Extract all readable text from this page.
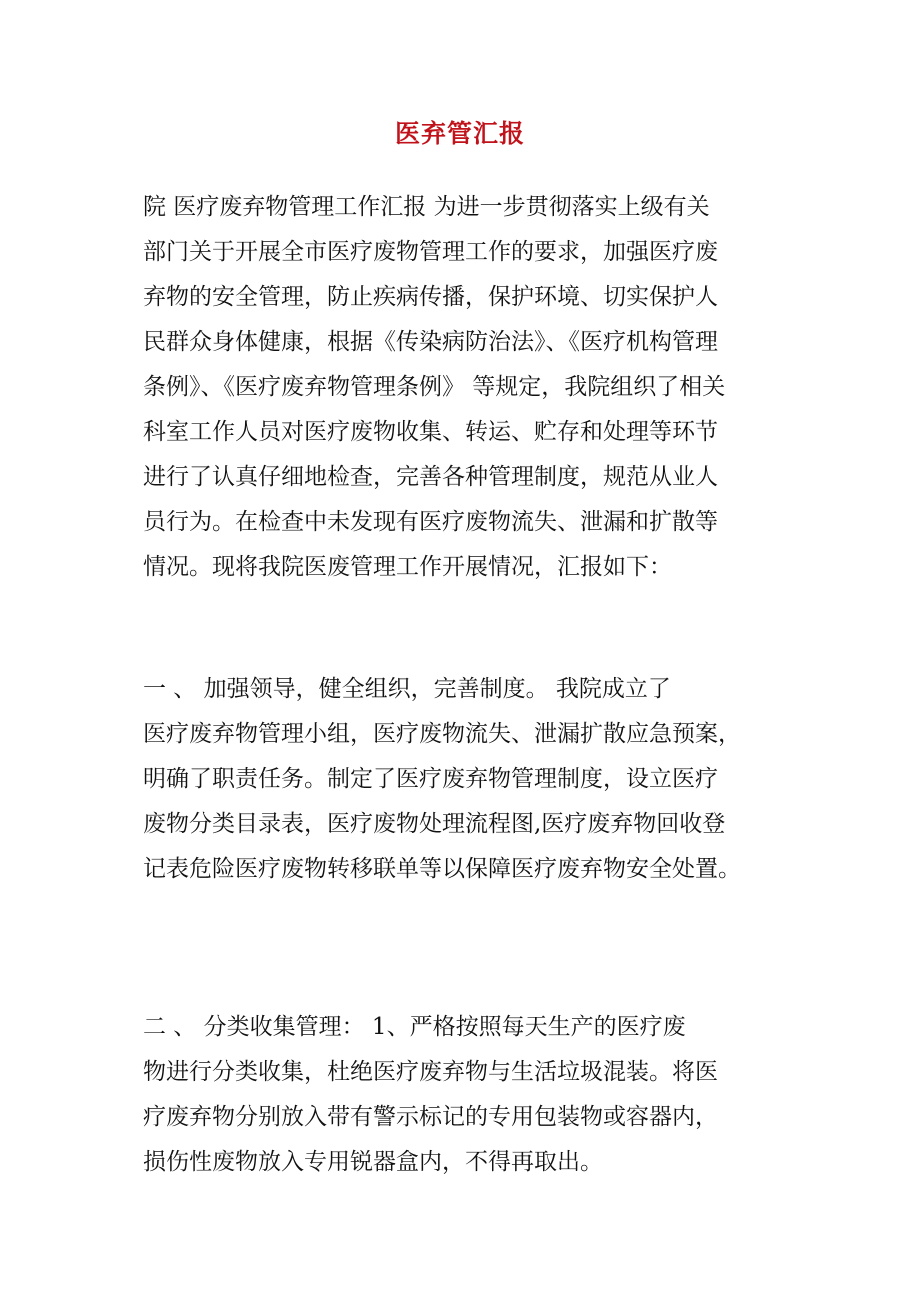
医弃管汇报
院 医疗废弃物管理工作汇报 为进一步贯彻落实上级有关
部门关于开展全市医疗废物管理工作的要求，加强医疗废
弃物的安全管理，防止疾病传播，保护环境、切实保护人
民群众身体健康，根据《传染病防治法》、《医疗机构管理
条例》、《医疗废弃物管理条例》 等规定，我院组织了相关
科室工作人员对医疗废物收集、转运、贮存和处理等环节
进行了认真仔细地检查，完善各种管理制度，规范从业人
员行为。在检查中未发现有医疗废物流失、泄漏和扩散等
情况。现将我院医废管理工作开展情况，汇报如下：
一 、 加强领导，健全组织，完善制度。 我院成立了
医疗废弃物管理小组，医疗废物流失、泄漏扩散应急预案，
明确了职责任务。制定了医疗废弃物管理制度，设立医疗
废物分类目录表，医疗废物处理流程图,医疗废弃物回收登
记表危险医疗废物转移联单等以保障医疗废弃物安全处置。
二 、 分类收集管理： 1、严格按照每天生产的医疗废
物进行分类收集，杜绝医疗废弃物与生活垃圾混装。将医
疗废弃物分别放入带有警示标记的专用包装物或容器内，
损伤性废物放入专用锐器盒内，不得再取出。
